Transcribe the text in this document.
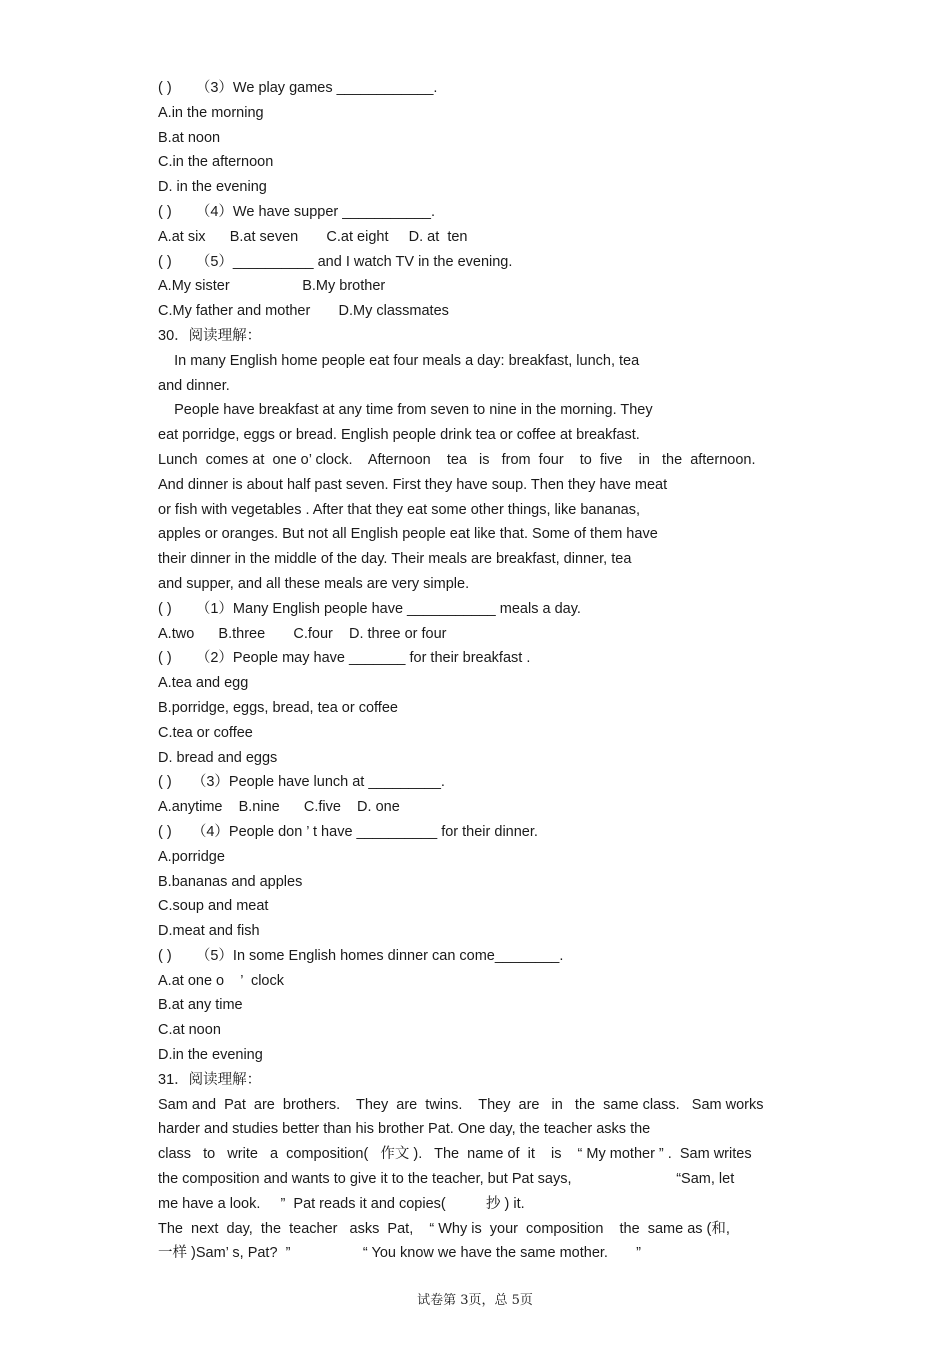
( )      （3）We play games ____________.
A.in the morning
B.at noon
C.in the afternoon
D. in the evening
( )      （4）We have supper ___________.
A.at six      B.at seven       C.at eight     D. at  ten
( )      （5）__________ and I watch TV in the evening.
A.My sister                  B.My brother
C.My father and mother       D.My classmates
30．阅读理解：
In many English home people eat four meals a day: breakfast, lunch, tea
and dinner.
People have breakfast at any time from seven to nine in the morning. They
eat porridge, eggs or bread. English people drink tea or coffee at breakfast.
Lunch  comes at  one o’ clock.    Afternoon    tea   is   from  four    to  five    in   the  afternoon.
And dinner is about half past seven. First they have soup. Then they have meat
or fish with vegetables . After that they eat some other things, like bananas,
apples or oranges. But not all English people eat like that. Some of them have
their dinner in the middle of the day. Their meals are breakfast, dinner, tea
and supper, and all these meals are very simple.
( )      （1）Many English people have ___________ meals a day.
A.two      B.three       C.four    D. three or four
( )      （2）People may have _______ for their breakfast .
A.tea and egg
B.porridge, eggs, bread, tea or coffee
C.tea or coffee
D. bread and eggs
( )     （3）People have lunch at _________.
A.anytime    B.nine      C.five    D. one
( )     （4）People don ’ t have __________ for their dinner.
A.porridge
B.bananas and apples
C.soup and meat
D.meat and fish
( )      （5）In some English homes dinner can come________.
A.at one o    ’  clock
B.at any time
C.at noon
D.in the evening
31．阅读理解：
Sam and  Pat  are  brothers.    They  are  twins.    They  are   in   the  same class.   Sam works
harder and studies better than his brother Pat. One day, the teacher asks the
class   to   write   a  composition(   作文 ).   The  name of  it    is    “ My mother ” .  Sam writes
the composition and wants to give it to the teacher, but Pat says,                          “Sam, let
me have a look.     ”  Pat reads it and copies(          抄 ) it.
The  next  day,  the  teacher   asks  Pat,    “ Why is  your  composition    the  same as (和,
一样 )Sam’ s, Pat?  ”                  “ You know we have the same mother.       ”
试卷第 3页，总 5页
